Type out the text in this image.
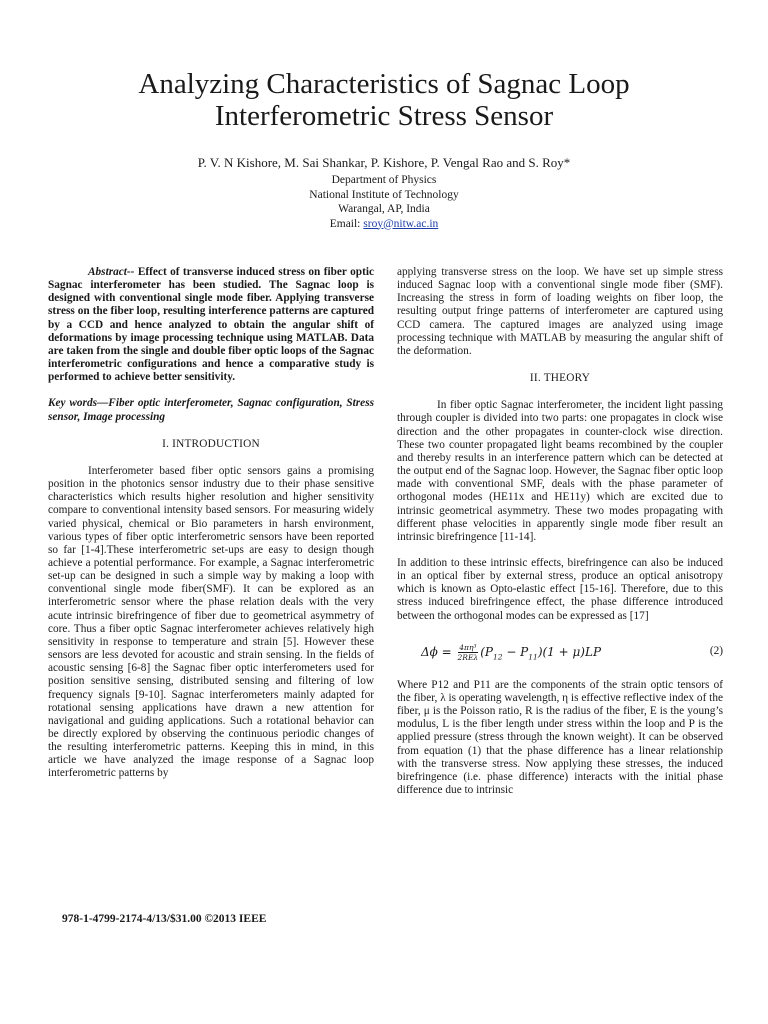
Analyzing Characteristics of Sagnac Loop
Interferometric Stress Sensor
P. V. N Kishore, M. Sai Shankar, P. Kishore, P. Vengal Rao and S. Roy*
Department of Physics
National Institute of Technology
Warangal, AP, India
Email: sroy@nitw.ac.in

Abstract-- Effect of transverse induced stress on fiber optic Sagnac interferometer has been studied. The Sagnac loop is designed with conventional single mode fiber. Applying transverse stress on the fiber loop, resulting interference patterns are captured by a CCD and hence analyzed to obtain the angular shift of deformations by image processing technique using MATLAB. Data are taken from the single and double fiber optic loops of the Sagnac interferometric configurations and hence a comparative study is performed to achieve better sensitivity.

Key words—Fiber optic interferometer, Sagnac configuration, Stress sensor, Image processing

I. INTRODUCTION

Interferometer based fiber optic sensors gains a promising position in the photonics sensor industry due to their phase sensitive characteristics which results higher resolution and higher sensitivity compare to conventional intensity based sensors. For measuring widely varied physical, chemical or Bio parameters in harsh environment, various types of fiber optic interferometric sensors have been reported so far [1-4].These interferometric set-ups are easy to design though achieve a potential performance. For example, a Sagnac interferometric set-up can be designed in such a simple way by making a loop with conventional single mode fiber(SMF). It can be explored as an interferometric sensor where the phase relation deals with the very acute intrinsic birefringence of fiber due to geometrical asymmetry of core. Thus a fiber optic Sagnac interferometer achieves relatively high sensitivity in response to temperature and strain [5]. However these sensors are less devoted for acoustic and strain sensing. In the fields of acoustic sensing [6-8] the Sagnac fiber optic interferometers used for position sensitive sensing, distributed sensing and filtering of low frequency signals [9-10]. Sagnac interferometers mainly adapted for rotational sensing applications have drawn a new attention for navigational and guiding applications. Such a rotational behavior can be directly explored by observing the continuous periodic changes of the resulting interferometric patterns. Keeping this in mind, in this article we have analyzed the image response of a Sagnac loop interferometric patterns by

applying transverse stress on the loop. We have set up simple stress induced Sagnac loop with a conventional single mode fiber (SMF). Increasing the stress in form of loading weights on fiber loop, the resulting output fringe patterns of interferometer are captured using CCD camera. The captured images are analyzed using image processing technique with MATLAB by measuring the angular shift of the deformation.

II. THEORY

In fiber optic Sagnac interferometer, the incident light passing through coupler is divided into two parts: one propagates in clock wise direction and the other propagates in counter-clock wise direction. These two counter propagated light beams recombined by the coupler and thereby results in an interference pattern which can be detected at the output end of the Sagnac loop. However, the Sagnac fiber optic loop made with conventional SMF, deals with the phase parameter of orthogonal modes (HE11x and HE11y) which are excited due to intrinsic geometrical asymmetry. These two modes propagating with different phase velocities in apparently single mode fiber result an intrinsic birefringence [11-14].

In addition to these intrinsic effects, birefringence can also be induced in an optical fiber by external stress, produce an optical anisotropy which is known as Opto-elastic effect [15-16]. Therefore, due to this stress induced birefringence effect, the phase difference introduced between the orthogonal modes can be expressed as [17]

$\Delta\phi = \frac{\text{4πη³}}{\text{2REλ}} (P_{12} - P_{11})(1 + \mu)LP$	(2)

Where P12 and P11 are the components of the strain optic tensors of the fiber, λ is operating wavelength, η is effective reflective index of the fiber, μ is the Poisson ratio, R is the radius of the fiber, E is the young’s modulus, L is the fiber length under stress within the loop and P is the applied pressure (stress through the known weight). It can be observed from equation (1) that the phase difference has a linear relationship with the transverse stress. Now applying these stresses, the induced birefringence (i.e. phase difference) interacts with the initial phase difference due to intrinsic

978-1-4799-2174-4/13/$31.00 ©2013 IEEE
